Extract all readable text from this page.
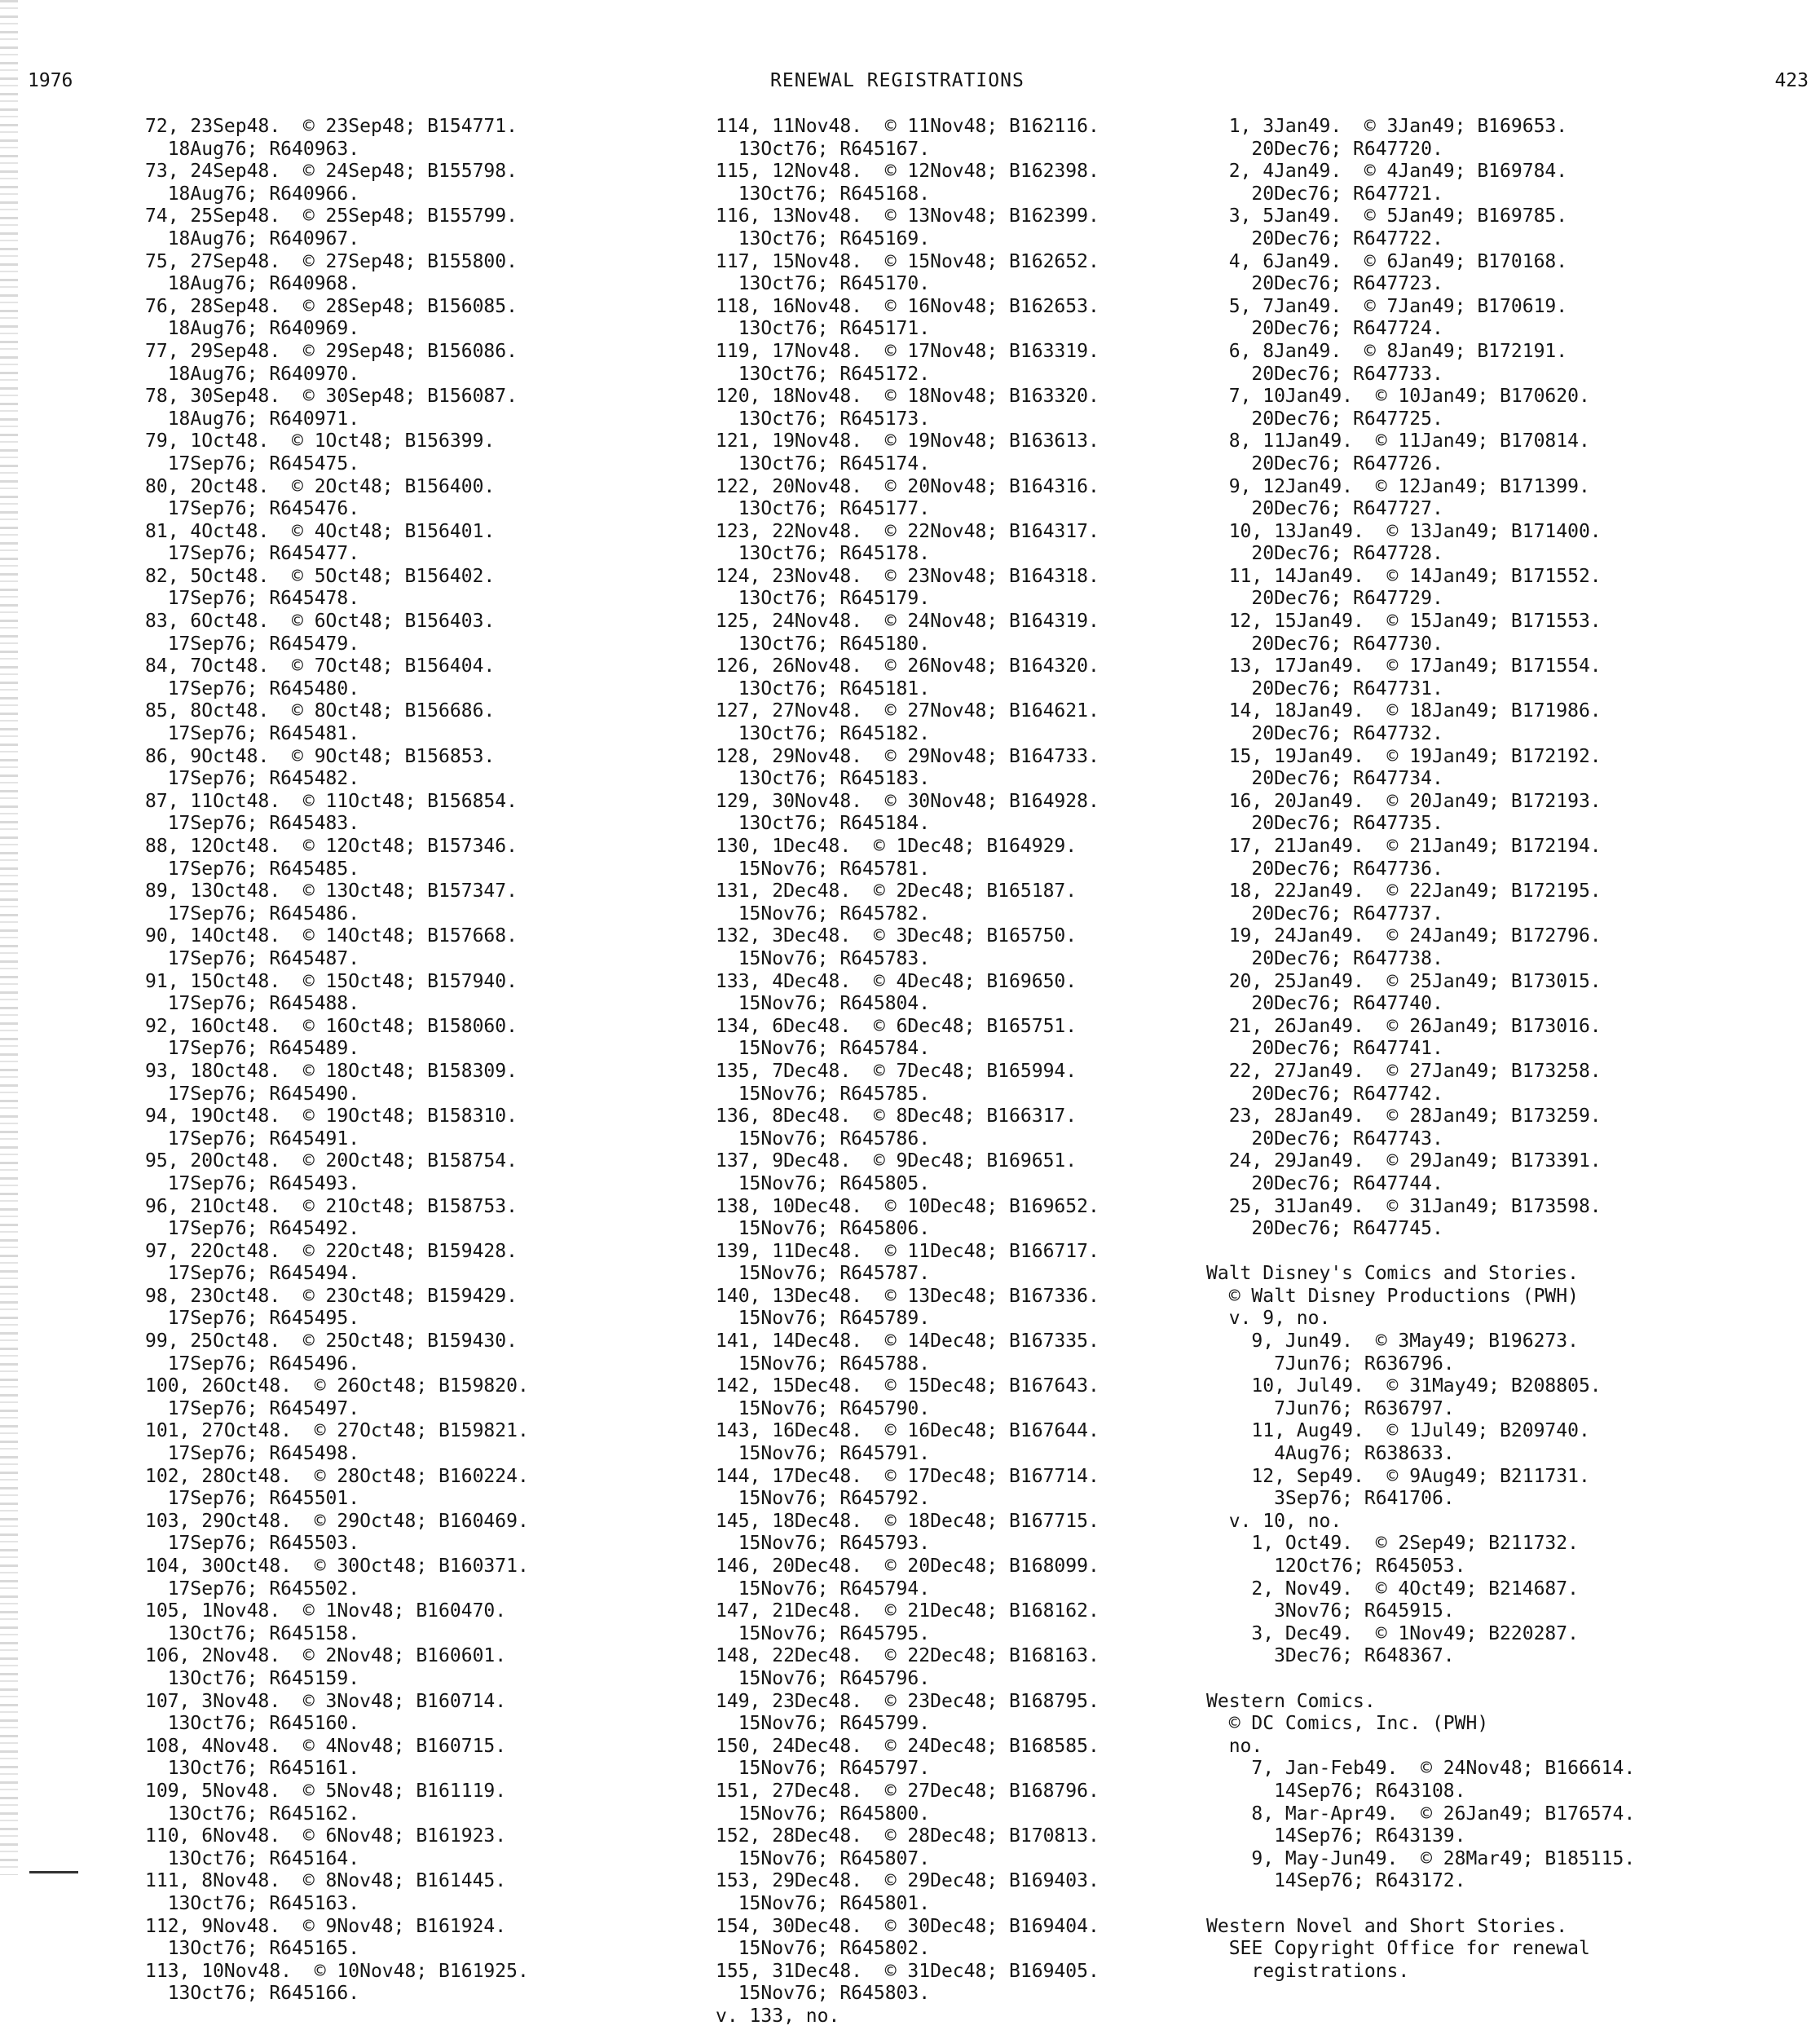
1976	RENEWAL REGISTRATIONS	423
72, 23Sep48.  © 23Sep48; B154771.
18Aug76; R640963.
73, 24Sep48.  © 24Sep48; B155798.
18Aug76; R640966.
74, 25Sep48.  © 25Sep48; B155799.
18Aug76; R640967.
75, 27Sep48.  © 27Sep48; B155800.
18Aug76; R640968.
76, 28Sep48.  © 28Sep48; B156085.
18Aug76; R640969.
77, 29Sep48.  © 29Sep48; B156086.
18Aug76; R640970.
78, 30Sep48.  © 30Sep48; B156087.
18Aug76; R640971.
79, 1Oct48.  © 1Oct48; B156399.
17Sep76; R645475.
80, 2Oct48.  © 2Oct48; B156400.
17Sep76; R645476.
81, 4Oct48.  © 4Oct48; B156401.
17Sep76; R645477.
82, 5Oct48.  © 5Oct48; B156402.
17Sep76; R645478.
83, 6Oct48.  © 6Oct48; B156403.
17Sep76; R645479.
84, 7Oct48.  © 7Oct48; B156404.
17Sep76; R645480.
85, 8Oct48.  © 8Oct48; B156686.
17Sep76; R645481.
86, 9Oct48.  © 9Oct48; B156853.
17Sep76; R645482.
87, 11Oct48.  © 11Oct48; B156854.
17Sep76; R645483.
88, 12Oct48.  © 12Oct48; B157346.
17Sep76; R645485.
89, 13Oct48.  © 13Oct48; B157347.
17Sep76; R645486.
90, 14Oct48.  © 14Oct48; B157668.
17Sep76; R645487.
91, 15Oct48.  © 15Oct48; B157940.
17Sep76; R645488.
92, 16Oct48.  © 16Oct48; B158060.
17Sep76; R645489.
93, 18Oct48.  © 18Oct48; B158309.
17Sep76; R645490.
94, 19Oct48.  © 19Oct48; B158310.
17Sep76; R645491.
95, 20Oct48.  © 20Oct48; B158754.
17Sep76; R645493.
96, 21Oct48.  © 21Oct48; B158753.
17Sep76; R645492.
97, 22Oct48.  © 22Oct48; B159428.
17Sep76; R645494.
98, 23Oct48.  © 23Oct48; B159429.
17Sep76; R645495.
99, 25Oct48.  © 25Oct48; B159430.
17Sep76; R645496.
100, 26Oct48.  © 26Oct48; B159820.
17Sep76; R645497.
101, 27Oct48.  © 27Oct48; B159821.
17Sep76; R645498.
102, 28Oct48.  © 28Oct48; B160224.
17Sep76; R645501.
103, 29Oct48.  © 29Oct48; B160469.
17Sep76; R645503.
104, 30Oct48.  © 30Oct48; B160371.
17Sep76; R645502.
105, 1Nov48.  © 1Nov48; B160470.
13Oct76; R645158.
106, 2Nov48.  © 2Nov48; B160601.
13Oct76; R645159.
107, 3Nov48.  © 3Nov48; B160714.
13Oct76; R645160.
108, 4Nov48.  © 4Nov48; B160715.
13Oct76; R645161.
109, 5Nov48.  © 5Nov48; B161119.
13Oct76; R645162.
110, 6Nov48.  © 6Nov48; B161923.
13Oct76; R645164.
111, 8Nov48.  © 8Nov48; B161445.
13Oct76; R645163.
112, 9Nov48.  © 9Nov48; B161924.
13Oct76; R645165.
113, 10Nov48.  © 10Nov48; B161925.
13Oct76; R645166.
114, 11Nov48.  © 11Nov48; B162116.
13Oct76; R645167.
115, 12Nov48.  © 12Nov48; B162398.
13Oct76; R645168.
116, 13Nov48.  © 13Nov48; B162399.
13Oct76; R645169.
117, 15Nov48.  © 15Nov48; B162652.
13Oct76; R645170.
118, 16Nov48.  © 16Nov48; B162653.
13Oct76; R645171.
119, 17Nov48.  © 17Nov48; B163319.
13Oct76; R645172.
120, 18Nov48.  © 18Nov48; B163320.
13Oct76; R645173.
121, 19Nov48.  © 19Nov48; B163613.
13Oct76; R645174.
122, 20Nov48.  © 20Nov48; B164316.
13Oct76; R645177.
123, 22Nov48.  © 22Nov48; B164317.
13Oct76; R645178.
124, 23Nov48.  © 23Nov48; B164318.
13Oct76; R645179.
125, 24Nov48.  © 24Nov48; B164319.
13Oct76; R645180.
126, 26Nov48.  © 26Nov48; B164320.
13Oct76; R645181.
127, 27Nov48.  © 27Nov48; B164621.
13Oct76; R645182.
128, 29Nov48.  © 29Nov48; B164733.
13Oct76; R645183.
129, 30Nov48.  © 30Nov48; B164928.
13Oct76; R645184.
130, 1Dec48.  © 1Dec48; B164929.
15Nov76; R645781.
131, 2Dec48.  © 2Dec48; B165187.
15Nov76; R645782.
132, 3Dec48.  © 3Dec48; B165750.
15Nov76; R645783.
133, 4Dec48.  © 4Dec48; B169650.
15Nov76; R645804.
134, 6Dec48.  © 6Dec48; B165751.
15Nov76; R645784.
135, 7Dec48.  © 7Dec48; B165994.
15Nov76; R645785.
136, 8Dec48.  © 8Dec48; B166317.
15Nov76; R645786.
137, 9Dec48.  © 9Dec48; B169651.
15Nov76; R645805.
138, 10Dec48.  © 10Dec48; B169652.
15Nov76; R645806.
139, 11Dec48.  © 11Dec48; B166717.
15Nov76; R645787.
140, 13Dec48.  © 13Dec48; B167336.
15Nov76; R645789.
141, 14Dec48.  © 14Dec48; B167335.
15Nov76; R645788.
142, 15Dec48.  © 15Dec48; B167643.
15Nov76; R645790.
143, 16Dec48.  © 16Dec48; B167644.
15Nov76; R645791.
144, 17Dec48.  © 17Dec48; B167714.
15Nov76; R645792.
145, 18Dec48.  © 18Dec48; B167715.
15Nov76; R645793.
146, 20Dec48.  © 20Dec48; B168099.
15Nov76; R645794.
147, 21Dec48.  © 21Dec48; B168162.
15Nov76; R645795.
148, 22Dec48.  © 22Dec48; B168163.
15Nov76; R645796.
149, 23Dec48.  © 23Dec48; B168795.
15Nov76; R645799.
150, 24Dec48.  © 24Dec48; B168585.
15Nov76; R645797.
151, 27Dec48.  © 27Dec48; B168796.
15Nov76; R645800.
152, 28Dec48.  © 28Dec48; B170813.
15Nov76; R645807.
153, 29Dec48.  © 29Dec48; B169403.
15Nov76; R645801.
154, 30Dec48.  © 30Dec48; B169404.
15Nov76; R645802.
155, 31Dec48.  © 31Dec48; B169405.
15Nov76; R645803.
v. 133, no.
1, 3Jan49.  © 3Jan49; B169653.
20Dec76; R647720.
2, 4Jan49.  © 4Jan49; B169784.
20Dec76; R647721.
3, 5Jan49.  © 5Jan49; B169785.
20Dec76; R647722.
4, 6Jan49.  © 6Jan49; B170168.
20Dec76; R647723.
5, 7Jan49.  © 7Jan49; B170619.
20Dec76; R647724.
6, 8Jan49.  © 8Jan49; B172191.
20Dec76; R647733.
7, 10Jan49.  © 10Jan49; B170620.
20Dec76; R647725.
8, 11Jan49.  © 11Jan49; B170814.
20Dec76; R647726.
9, 12Jan49.  © 12Jan49; B171399.
20Dec76; R647727.
10, 13Jan49.  © 13Jan49; B171400.
20Dec76; R647728.
11, 14Jan49.  © 14Jan49; B171552.
20Dec76; R647729.
12, 15Jan49.  © 15Jan49; B171553.
20Dec76; R647730.
13, 17Jan49.  © 17Jan49; B171554.
20Dec76; R647731.
14, 18Jan49.  © 18Jan49; B171986.
20Dec76; R647732.
15, 19Jan49.  © 19Jan49; B172192.
20Dec76; R647734.
16, 20Jan49.  © 20Jan49; B172193.
20Dec76; R647735.
17, 21Jan49.  © 21Jan49; B172194.
20Dec76; R647736.
18, 22Jan49.  © 22Jan49; B172195.
20Dec76; R647737.
19, 24Jan49.  © 24Jan49; B172796.
20Dec76; R647738.
20, 25Jan49.  © 25Jan49; B173015.
20Dec76; R647740.
21, 26Jan49.  © 26Jan49; B173016.
20Dec76; R647741.
22, 27Jan49.  © 27Jan49; B173258.
20Dec76; R647742.
23, 28Jan49.  © 28Jan49; B173259.
20Dec76; R647743.
24, 29Jan49.  © 29Jan49; B173391.
20Dec76; R647744.
25, 31Jan49.  © 31Jan49; B173598.
20Dec76; R647745.
Walt Disney's Comics and Stories.
© Walt Disney Productions (PWH)
v. 9, no.
9, Jun49.  © 3May49; B196273.
7Jun76; R636796.
10, Jul49.  © 31May49; B208805.
7Jun76; R636797.
11, Aug49.  © 1Jul49; B209740.
4Aug76; R638633.
12, Sep49.  © 9Aug49; B211731.
3Sep76; R641706.
v. 10, no.
1, Oct49.  © 2Sep49; B211732.
12Oct76; R645053.
2, Nov49.  © 4Oct49; B214687.
3Nov76; R645915.
3, Dec49.  © 1Nov49; B220287.
3Dec76; R648367.
Western Comics.
© DC Comics, Inc. (PWH)
no.
7, Jan-Feb49.  © 24Nov48; B166614.
14Sep76; R643108.
8, Mar-Apr49.  © 26Jan49; B176574.
14Sep76; R643139.
9, May-Jun49.  © 28Mar49; B185115.
14Sep76; R643172.
Western Novel and Short Stories.
SEE Copyright Office for renewal
registrations.
